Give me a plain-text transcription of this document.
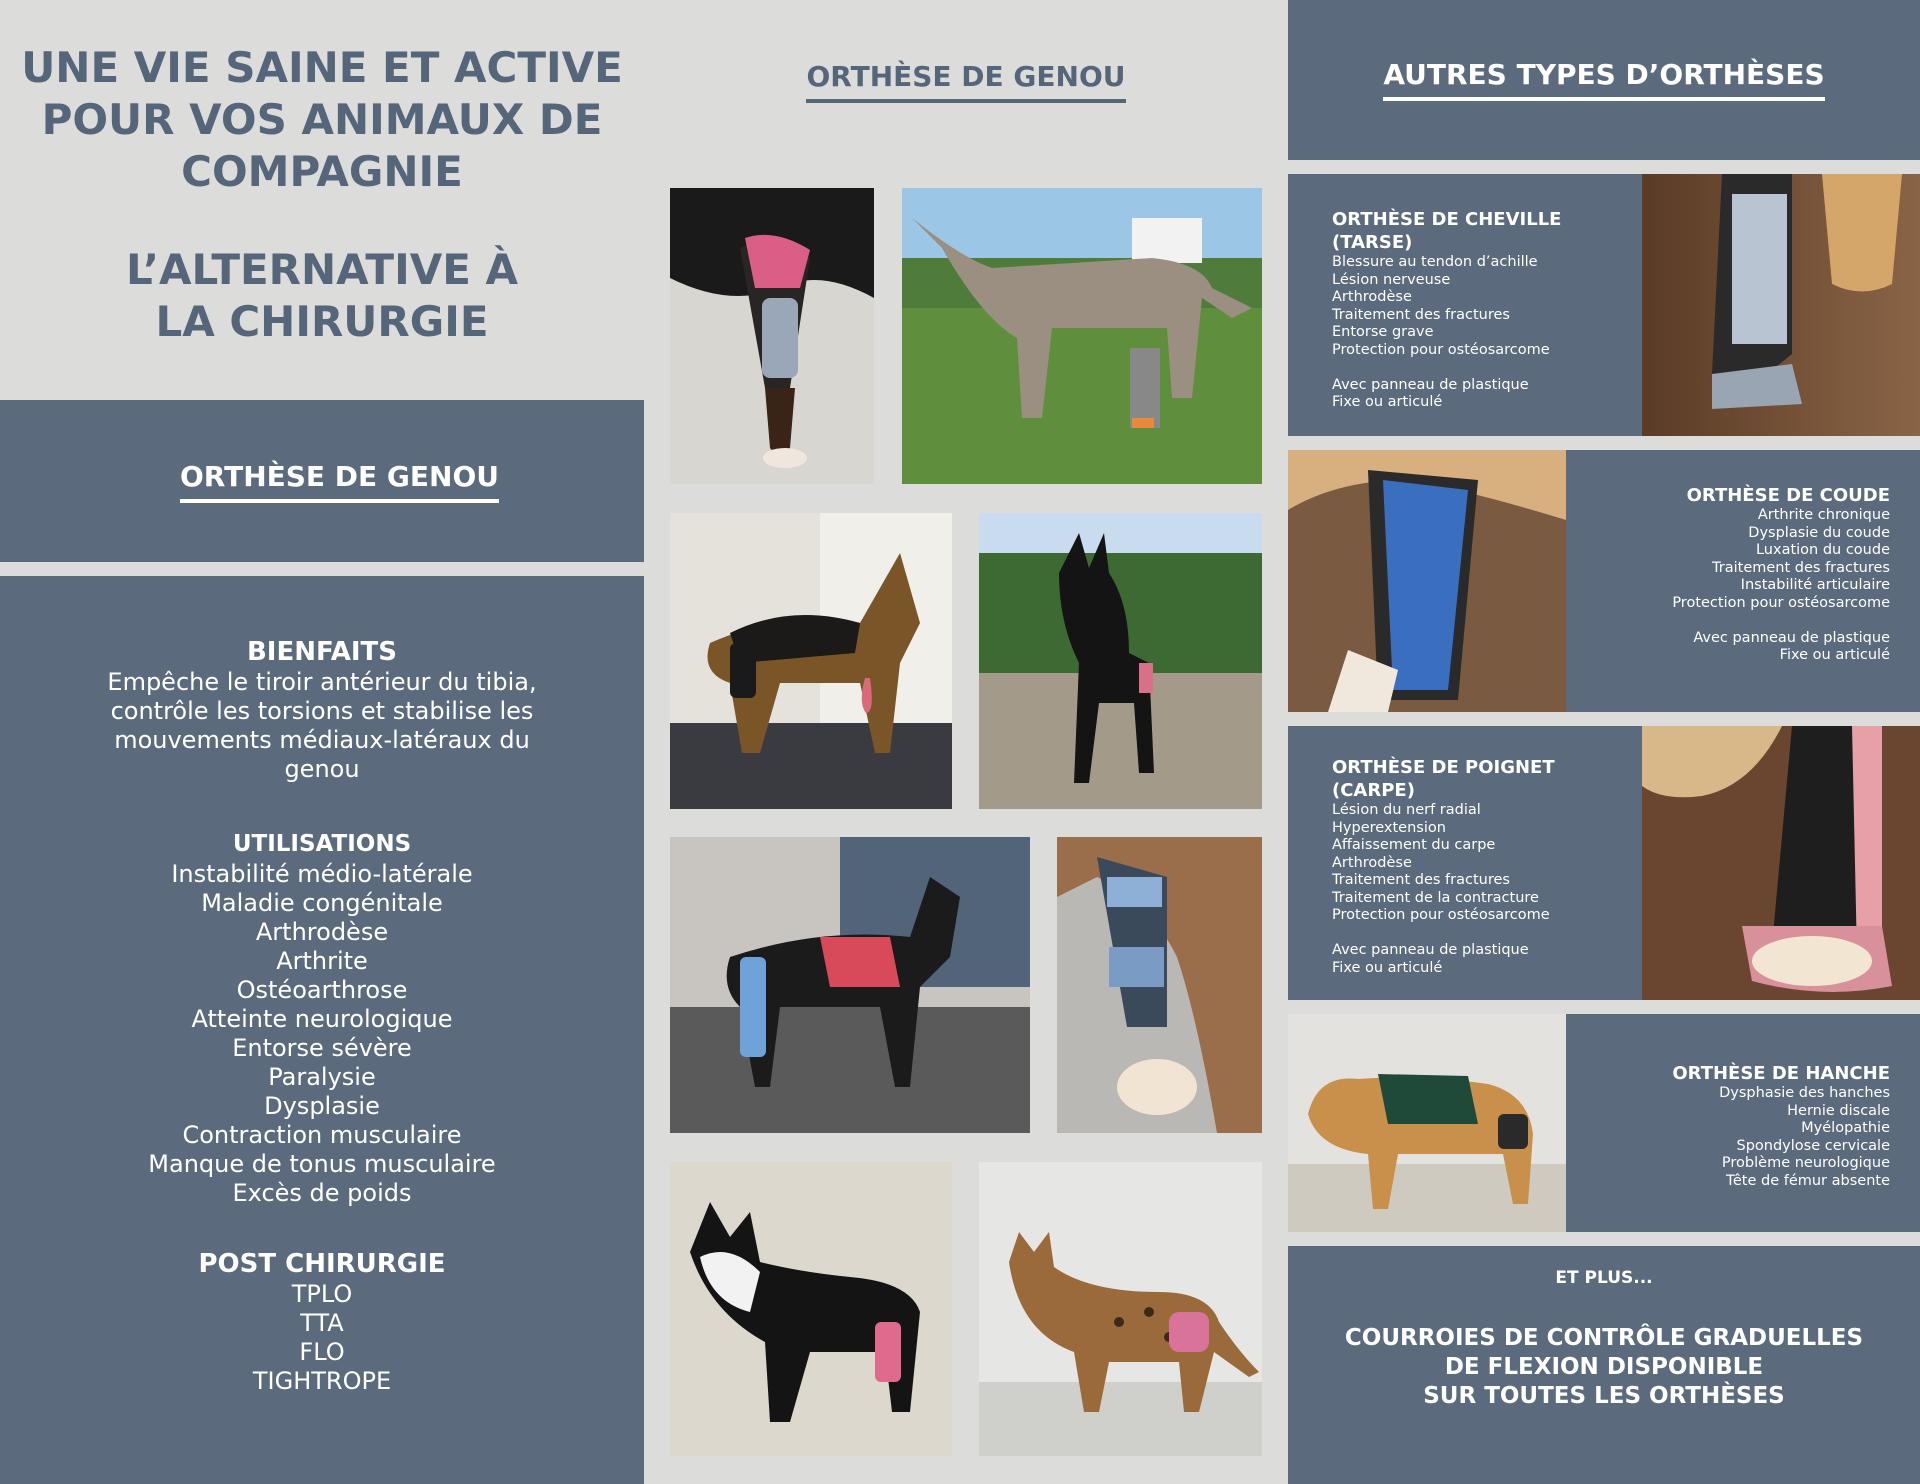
UNE VIE SAINE ET ACTIVE
POUR VOS ANIMAUX DE
COMPAGNIE
L’ALTERNATIVE À
LA CHIRURGIE
ORTHÈSE DE GENOU
BIENFAITS
Empêche le tiroir antérieur du tibia,
contrôle les torsions et stabilise les
mouvements médiaux-latéraux du
genou
UTILISATIONS
Instabilité médio-latérale
Maladie congénitale
Arthrodèse
Arthrite
Ostéoarthrose
Atteinte neurologique
Entorse sévère
Paralysie
Dysplasie
Contraction musculaire
Manque de tonus musculaire
Excès de poids
POST CHIRURGIE
TPLO
TTA
FLO
TIGHTROPE
ORTHÈSE DE GENOU	AUTRES TYPES D’ORTHÈSES
ORTHÈSE DE CHEVILLE
(TARSE)
Blessure au tendon d’achille
Lésion nerveuse
Arthrodèse
Traitement des fractures
Entorse grave
Protection pour ostéosarcome
Avec panneau de plastique
Fixe ou articulé
ORTHÈSE DE COUDE
Arthrite chronique
Dysplasie du coude
Luxation du coude
Traitement des fractures
Instabilité articulaire
Protection pour ostéosarcome
Avec panneau de plastique
Fixe ou articulé
ORTHÈSE DE POIGNET
(CARPE)
Lésion du nerf radial
Hyperextension
Affaissement du carpe
Arthrodèse
Traitement des fractures
Traitement de la contracture
Protection pour ostéosarcome
Avec panneau de plastique
Fixe ou articulé
ORTHÈSE DE HANCHE
Dysphasie des hanches
Hernie discale
Myélopathie
Spondylose cervicale
Problème neurologique
Tête de fémur absente
ET PLUS...
COURROIES DE CONTRÔLE GRADUELLES
DE FLEXION DISPONIBLE
SUR TOUTES LES ORTHÈSES
